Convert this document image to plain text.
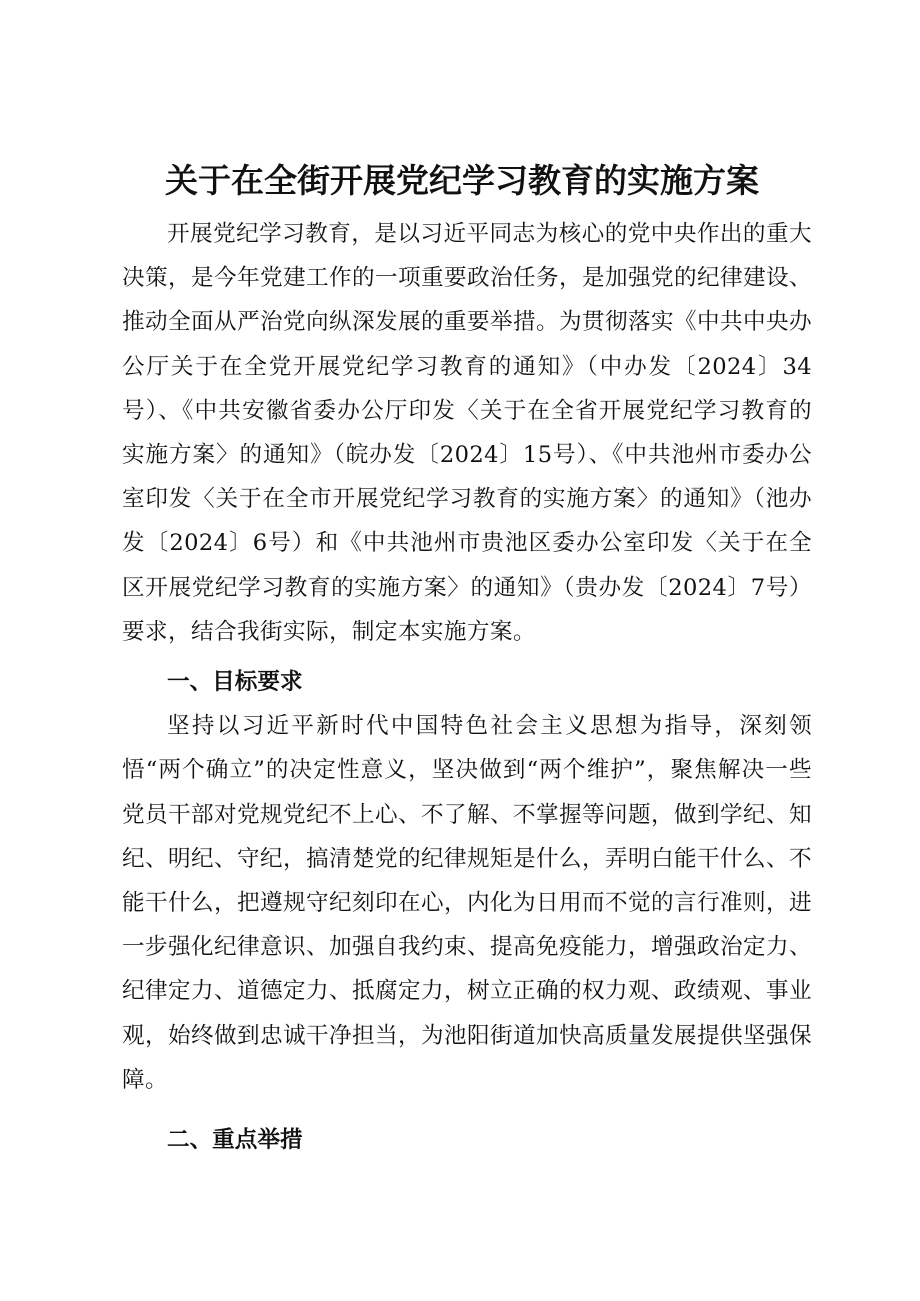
关于在全街开展党纪学习教育的实施方案

开展党纪学习教育，是以习近平同志为核心的党中央作出的重大决策，是今年党建工作的一项重要政治任务，是加强党的纪律建设、推动全面从严治党向纵深发展的重要举措。为贯彻落实《中共中央办公厅关于在全党开展党纪学习教育的通知》（中办发〔2024〕34号）、《中共安徽省委办公厅印发〈关于在全省开展党纪学习教育的实施方案〉的通知》（皖办发〔2024〕15号）、《中共池州市委办公室印发〈关于在全市开展党纪学习教育的实施方案〉的通知》（池办发〔2024〕6号）和《中共池州市贵池区委办公室印发〈关于在全区开展党纪学习教育的实施方案〉的通知》（贵办发〔2024〕7号）要求，结合我街实际，制定本实施方案。

一、目标要求

坚持以习近平新时代中国特色社会主义思想为指导，深刻领悟“两个确立”的决定性意义，坚决做到“两个维护”，聚焦解决一些党员干部对党规党纪不上心、不了解、不掌握等问题，做到学纪、知纪、明纪、守纪，搞清楚党的纪律规矩是什么，弄明白能干什么、不能干什么，把遵规守纪刻印在心，内化为日用而不觉的言行准则，进一步强化纪律意识、加强自我约束、提高免疫能力，增强政治定力、纪律定力、道德定力、抵腐定力，树立正确的权力观、政绩观、事业观，始终做到忠诚干净担当，为池阳街道加快高质量发展提供坚强保障。

二、重点举措
